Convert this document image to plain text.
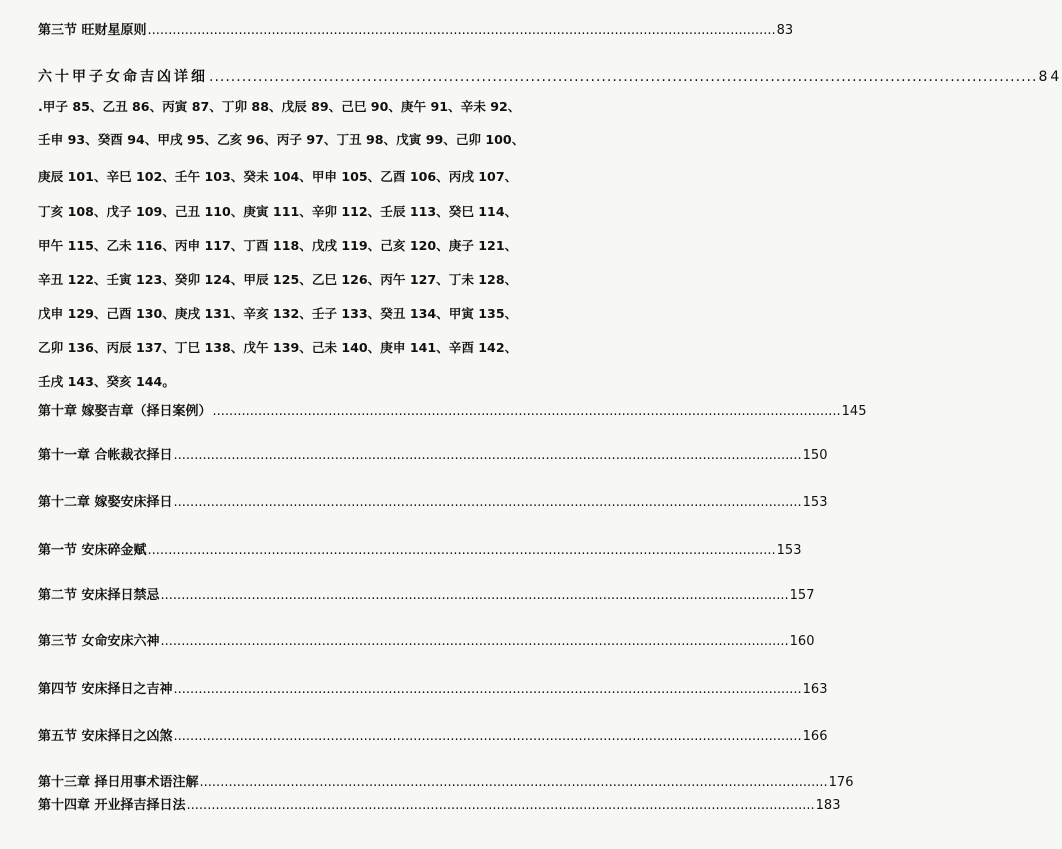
第三节 旺财星原则 ........................................................................................................................................................ 83
六十甲子女命吉凶详细 ........................................................................................................................................................ 84
.甲子 85、乙丑 86、丙寅 87、丁卯 88、戊辰 89、己巳 90、庚午 91、辛未 92、
壬申 93、癸酉 94、甲戌 95、乙亥 96、丙子 97、丁丑 98、戊寅 99、己卯 100、
庚辰 101、辛巳 102、壬午 103、癸未 104、甲申 105、乙酉 106、丙戌 107、
丁亥 108、戊子 109、己丑 110、庚寅 111、辛卯 112、壬辰 113、癸巳 114、
甲午 115、乙未 116、丙申 117、丁酉 118、戊戌 119、己亥 120、庚子 121、
辛丑 122、壬寅 123、癸卯 124、甲辰 125、乙巳 126、丙午 127、丁未 128、
戊申 129、己酉 130、庚戌 131、辛亥 132、壬子 133、癸丑 134、甲寅 135、
乙卯 136、丙辰 137、丁巳 138、戊午 139、己未 140、庚申 141、辛酉 142、
壬戌 143、癸亥 144。
第十章 嫁娶吉章（择日案例） ........................................................................................................................................................ 145
第十一章 合帐裁衣择日 ........................................................................................................................................................ 150
第十二章 嫁娶安床择日 ........................................................................................................................................................ 153
第一节 安床碎金赋 ........................................................................................................................................................ 153
第二节 安床择日禁忌 ........................................................................................................................................................ 157
第三节 女命安床六神 ........................................................................................................................................................ 160
第四节 安床择日之吉神 ........................................................................................................................................................ 163
第五节 安床择日之凶煞 ........................................................................................................................................................ 166
第十三章 择日用事术语注解 ........................................................................................................................................................ 176
第十四章 开业择吉择日法 ........................................................................................................................................................ 183
